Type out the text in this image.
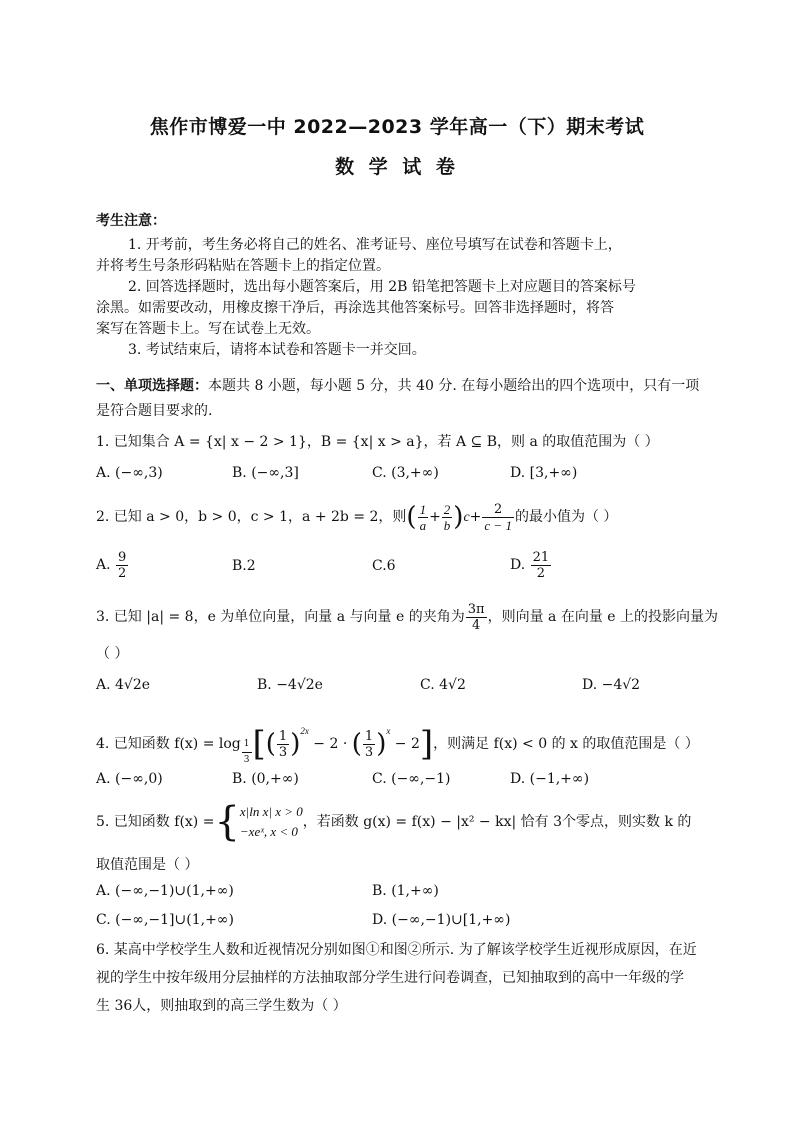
焦作市博爱一中 2022—2023 学年高一（下）期末考试
数 学 试 卷
考生注意：
1. 开考前，考生务必将自己的姓名、准考证号、座位号填写在试卷和答题卡上，
并将考生号条形码粘贴在答题卡上的指定位置。
2. 回答选择题时，选出每小题答案后，用 2B 铅笔把答题卡上对应题目的答案标号
涂黑。如需要改动，用橡皮擦干净后，再涂选其他答案标号。回答非选择题时，将答
案写在答题卡上。写在试卷上无效。
3. 考试结束后，请将本试卷和答题卡一并交回。
一、单项选择题：本题共 8 小题，每小题 5 分，共 40 分. 在每小题给出的四个选项中，只有一项
是符合题目要求的.
1. 已知集合 A = {x| x − 2 > 1}，B = {x| x > a}，若 A ⊆ B，则 a 的取值范围为（ ）
A. (−∞,3)	B. (−∞,3]	C. (3,+∞)	D. [3,+∞)
2. 已知 a > 0，b > 0，c > 1，a + 2b = 2，则( $\frac{1}{a} + \frac{2}{b} )c+ \frac{2}{c - 1}$ 的最小值为（ ）
A. $\frac{9}{2}$	B.2	C.6	D. $\frac{21}{2}$
3. 已知 |a| = 8，e 为单位向量，向量 a 与向量 e 的夹角为 $\frac{3\pi}{4}$ ，则向量 a 在向量 e 上的投影向量为
（ ）
A. 4√2e	B. −4√2e	C. 4√2	D. −4√2
4. 已知函数 $f(x) = \log \frac{1}{3}$ [( $\frac{1}{3} )^{2x} - 2$ · ( $\frac{1}{3} )^x - 2$]，则满足 f(x) < 0 的 x 的取值范围是（ ）
A. (−∞,0)	B. (0,+∞)	C. (−∞,−1)	D. (−1,+∞)
5. 已知函数 f(x) ={ x|ln x| x > 0
−xeˣ, x < 0
，若函数 g(x) = f(x) − |x² − kx| 恰有 3个零点，则实数 k 的
取值范围是（ ）
A. (−∞,−1)∪(1,+∞)	B. (1,+∞)
C. (−∞,−1]∪(1,+∞)	D. (−∞,−1)∪[1,+∞)
6. 某高中学校学生人数和近视情况分别如图①和图②所示. 为了解该学校学生近视形成原因，在近
视的学生中按年级用分层抽样的方法抽取部分学生进行问卷调查，已知抽取到的高中一年级的学
生 36人，则抽取到的高三学生数为（ ）
